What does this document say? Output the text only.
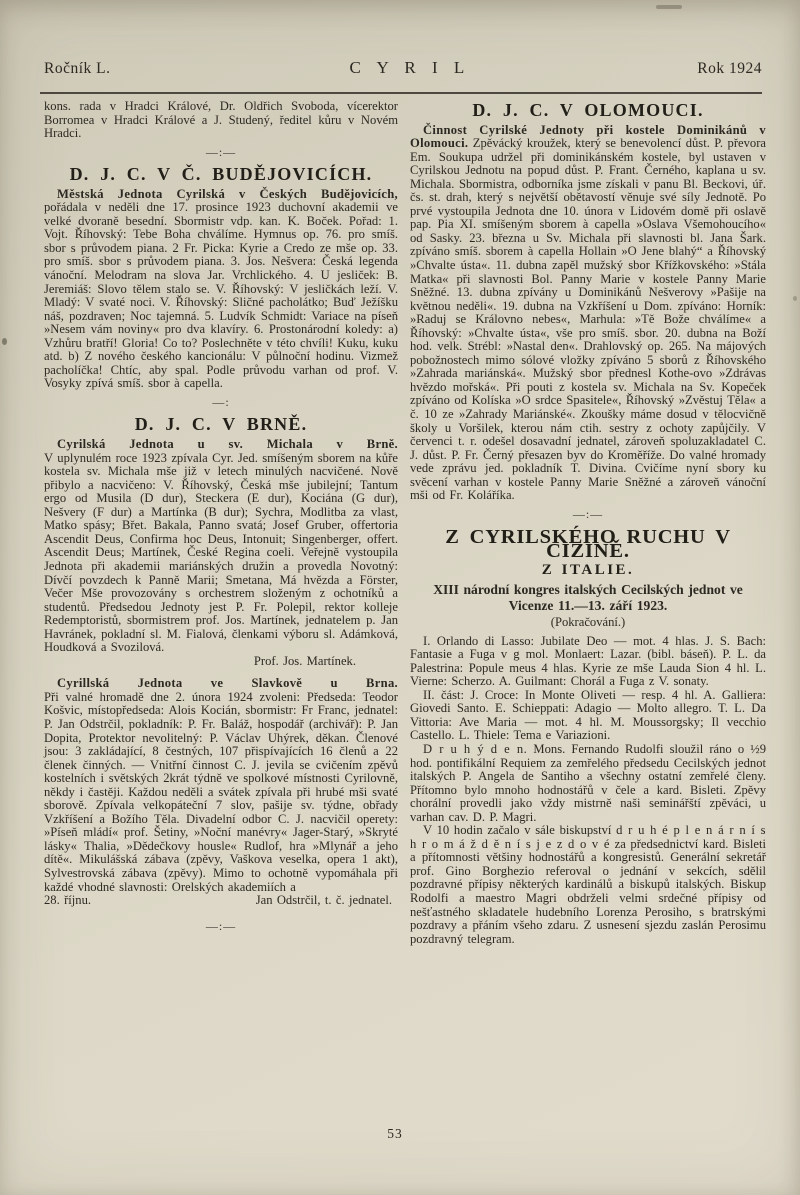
Ročník L.	C Y R I L	Rok 1924

kons. rada v Hradci Králové, Dr. Oldřich Svoboda, vícerektor Borromea v Hradci Králové a J. Studený, ředitel kůru v Novém Hradci.

—:—
D. J. C. V Č. BUDĚJOVICÍCH.

Městská Jednota Cyrilská v Českých Budějovicích, pořádala v neděli dne 17. prosince 1923 duchovní akademii ve velké dvoraně besední. Sbormistr vdp. kan. K. Boček. Pořad: 1. Vojt. Říhovský: Tebe Boha chválíme. Hymnus op. 76. pro smíš. sbor s průvodem piana. 2 Fr. Picka: Kyrie a Credo ze mše op. 33. pro smíš. sbor s průvodem piana. 3. Jos. Nešvera: Česká legenda vánoční. Melodram na slova Jar. Vrchlického. 4. U jesliček: B. Jeremiáš: Slovo tělem stalo se. V. Říhovský: V jesličkách leží. V. Mladý: V svaté noci. V. Říhovský: Sličné pacholátko; Buď Ježíšku náš, pozdraven; Noc tajemná. 5. Ludvík Schmidt: Variace na píseň »Nesem vám noviny« pro dva klavíry. 6. Prostonárodní koledy: a) Vzhůru bratří! Gloria! Co to? Poslechněte v této chvíli! Kuku, kuku atd. b) Z nového českého kancionálu: V půlnoční hodinu. Vizmež pacholíčka! Chtíc, aby spal. Podle průvodu varhan od prof. V. Vosyky zpívá smíš. sbor à capella.

—:
D. J. C. V BRNĚ.
Cyrilská Jednota u sv. Michala v Brně.

V uplynulém roce 1923 zpívala Cyr. Jed. smíšeným sborem na kůře kostela sv. Michala mše již v letech minulých nacvičené. Nově přibylo a nacvičeno: V. Říhovský, Česká mše jubilejní; Tantum ergo od Musila (D dur), Steckera (E dur), Kociána (G dur), Nešvery (F dur) a Martínka (B dur); Sychra, Modlitba za vlast, Matko spásy; Břet. Bakala, Panno svatá; Josef Gruber, offertoria Ascendit Deus, Confirma hoc Deus, Intonuit; Singenberger, offert. Ascendit Deus; Martínek, České Regina coeli. Veřejně vystoupila Jednota při akademii mariánských družin a provedla Novotný: Dívčí povzdech k Panně Marii; Smetana, Má hvězda a Förster, Večer Mše provozovány s orchestrem složeným z ochotníků a studentů. Předsedou Jednoty jest P. Fr. Polepil, rektor kolleje Redemptoristů, sbormistrem prof. Jos. Martínek, jednatelem p. Jan Havránek, pokladní sl. M. Fialová, členkami výboru sl. Adámková, Houdková a Svozilová.

Prof. Jos. Martínek.
Cyrillská Jednota ve Slavkově u Brna.

Při valné hromadě dne 2. února 1924 zvoleni: Předseda: Teodor Košvic, místopředseda: Alois Kocián, sbormistr: Fr Franc, jednatel: P. Jan Odstrčil, pokladník: P. Fr. Baláž, hospodář (archivář): P. Jan Dopita, Protektor nevolitelný: P. Václav Uhýrek, děkan. Členové jsou: 3 zakládající, 8 čestných, 107 přispívajících 16 členů a 22 členek činných. — Vnitřní činnost C. J. jevila se cvičením zpěvů kostelních i světských 2krát týdně ve spolkové místnosti Cyrilovně, někdy i častěji. Každou neděli a svátek zpívala při hrubé mši svaté sborově. Zpívala velkopáteční 7 slov, pašije sv. týdne, obřady Vzkříšení a Božího Těla. Divadelní odbor C. J. nacvičil operety: »Píseň mládí« prof. Šetiny, »Noční manévry« Jager-Starý, »Skryté lásky« Thalia, »Dědečkovy housle« Rudlof, hra »Mlynář a jeho dítě«. Mikulášská zábava (zpěvy, Vaškova veselka, opera 1 akt), Sylvestrovská zábava (zpěvy). Mimo to ochotně vypomáhala při každé vhodné slavnosti: Orelských akademiích a

28. říjnu.	Jan Odstrčil, t. č. jednatel.
—:—
D. J. C. V OLOMOUCI.

Činnost Cyrilské Jednoty při kostele Dominikánů v Olomouci. Zpěvácký kroužek, který se benevolencí důst. P. převora Em. Soukupa udržel při dominikánském kostele, byl ustaven v Cyrilskou Jednotu na popud důst. P. Frant. Černého, kaplana u sv. Michala. Sbormistra, odborníka jsme získali v panu Bl. Beckovi, úř. čs. st. drah, který s největší obětavostí věnuje své síly Jednotě. Po prvé vystoupila Jednota dne 10. února v Lidovém domě při oslavě pap. Pia XI. smíšeným sborem à capella »Oslava Všemohoucího« od Sasky. 23. března u Sv. Michala při slavnosti bl. Jana Šark. zpíváno smíš. sborem à capella Hollain »O Jene blahý“ a Říhovský »Chvalte ústa«. 11. dubna zapěl mužský sbor Křížkovského: »Stála Matka« při slavnosti Bol. Panny Marie v kostele Panny Marie Sněžné. 13. dubna zpívány u Dominikánů Nešverovy »Pašije na květnou neděli«. 19. dubna na Vzkříšení u Dom. zpíváno: Horník: »Raduj se Královno nebes«, Marhula: »Tě Bože chválíme« a Říhovský: »Chvalte ústa«, vše pro smíš. sbor. 20. dubna na Boží hod. velk. Strébl: »Nastal den«. Drahlovský op. 265. Na májových pobožnostech mimo sólové vložky zpíváno 5 sborů z Říhovského »Zahrada mariánská«. Mužský sbor přednesl Kothe-ovo »Zdrávas hvězdo mořská«. Při pouti z kostela sv. Michala na Sv. Kopeček zpíváno od Kolíska »O srdce Spasitele«, Říhovský »Zvěstuj Těla« a č. 10 ze »Zahrady Mariánské«. Zkoušky máme dosud v tělocvičně školy u Voršilek, kterou nám ctih. sestry z ochoty zapůjčily. V červenci t. r. odešel dosavadní jednatel, zároveň spoluzakladatel C. J. důst. P. Fr. Černý přesazen byv do Kroměříže. Do valné hromady vede zprávu jed. pokladník T. Divina. Cvičíme nyní sbory ku svěcení varhan v kostele Panny Marie Sněžné a zároveň vánoční mši od Fr. Koláříka.

—:—
Z CYRILSKÉHO RUCHU V CIZINĚ.
Z ITALIE.

XIII národní kongres italských Cecilských jednot ve Vicenze 11.—13. září 1923.

(Pokračování.)

I. Orlando di Lasso: Jubilate Deo — mot. 4 hlas. J. S. Bach: Fantasie a Fuga v g mol. Monlaert: Lazar. (bibl. báseň). P. L. da Palestrina: Popule meus 4 hlas. Kyrie ze mše Lauda Sion 4 hl. L. Vierne: Scherzo. A. Guilmant: Chorál a Fuga z V. sonaty.

II. část: J. Croce: In Monte Oliveti — resp. 4 hl. A. Galliera: Giovedi Santo. E. Schieppati: Adagio — Molto allegro. T. L. Da Vittoria: Ave Maria — mot. 4 hl. M. Moussorgsky; Il vecchio Castello. L. Thiele: Tema e Variazioni.

D r u h ý d e n. Mons. Fernando Rudolfi sloužil ráno o ½9 hod. pontifikální Requiem za zemřelého předsedu Cecilských jednot italských P. Angela de Santiho a všechny ostatní zemřelé členy. Přítomno bylo mnoho hodnostářů v čele a kard. Bisleti. Zpěvy chorální provedli jako vždy mistrně naši seminářští zpěváci, u varhan cav. D. P. Magri.

V 10 hodin začalo v sále biskupství d r u h é p l e n á r n í s h r o m á ž d ě n í s j e z d o v é za předsednictví kard. Bisleti a přítomnosti většiny hodnostářů a kongresistů. Generální sekretář prof. Gino Borghezio referoval o jednání v sekcích, sdělil pozdravné přípisy některých kardinálů a biskupů italských. Biskup Rodolfi a maestro Magri obdrželi velmi srdečné přípisy od nešťastného skladatele hudebního Lorenza Perosiho, s bratrskými pozdravy a přáním všeho zdaru. Z usnesení sjezdu zaslán Perosimu pozdravný telegram.

53
